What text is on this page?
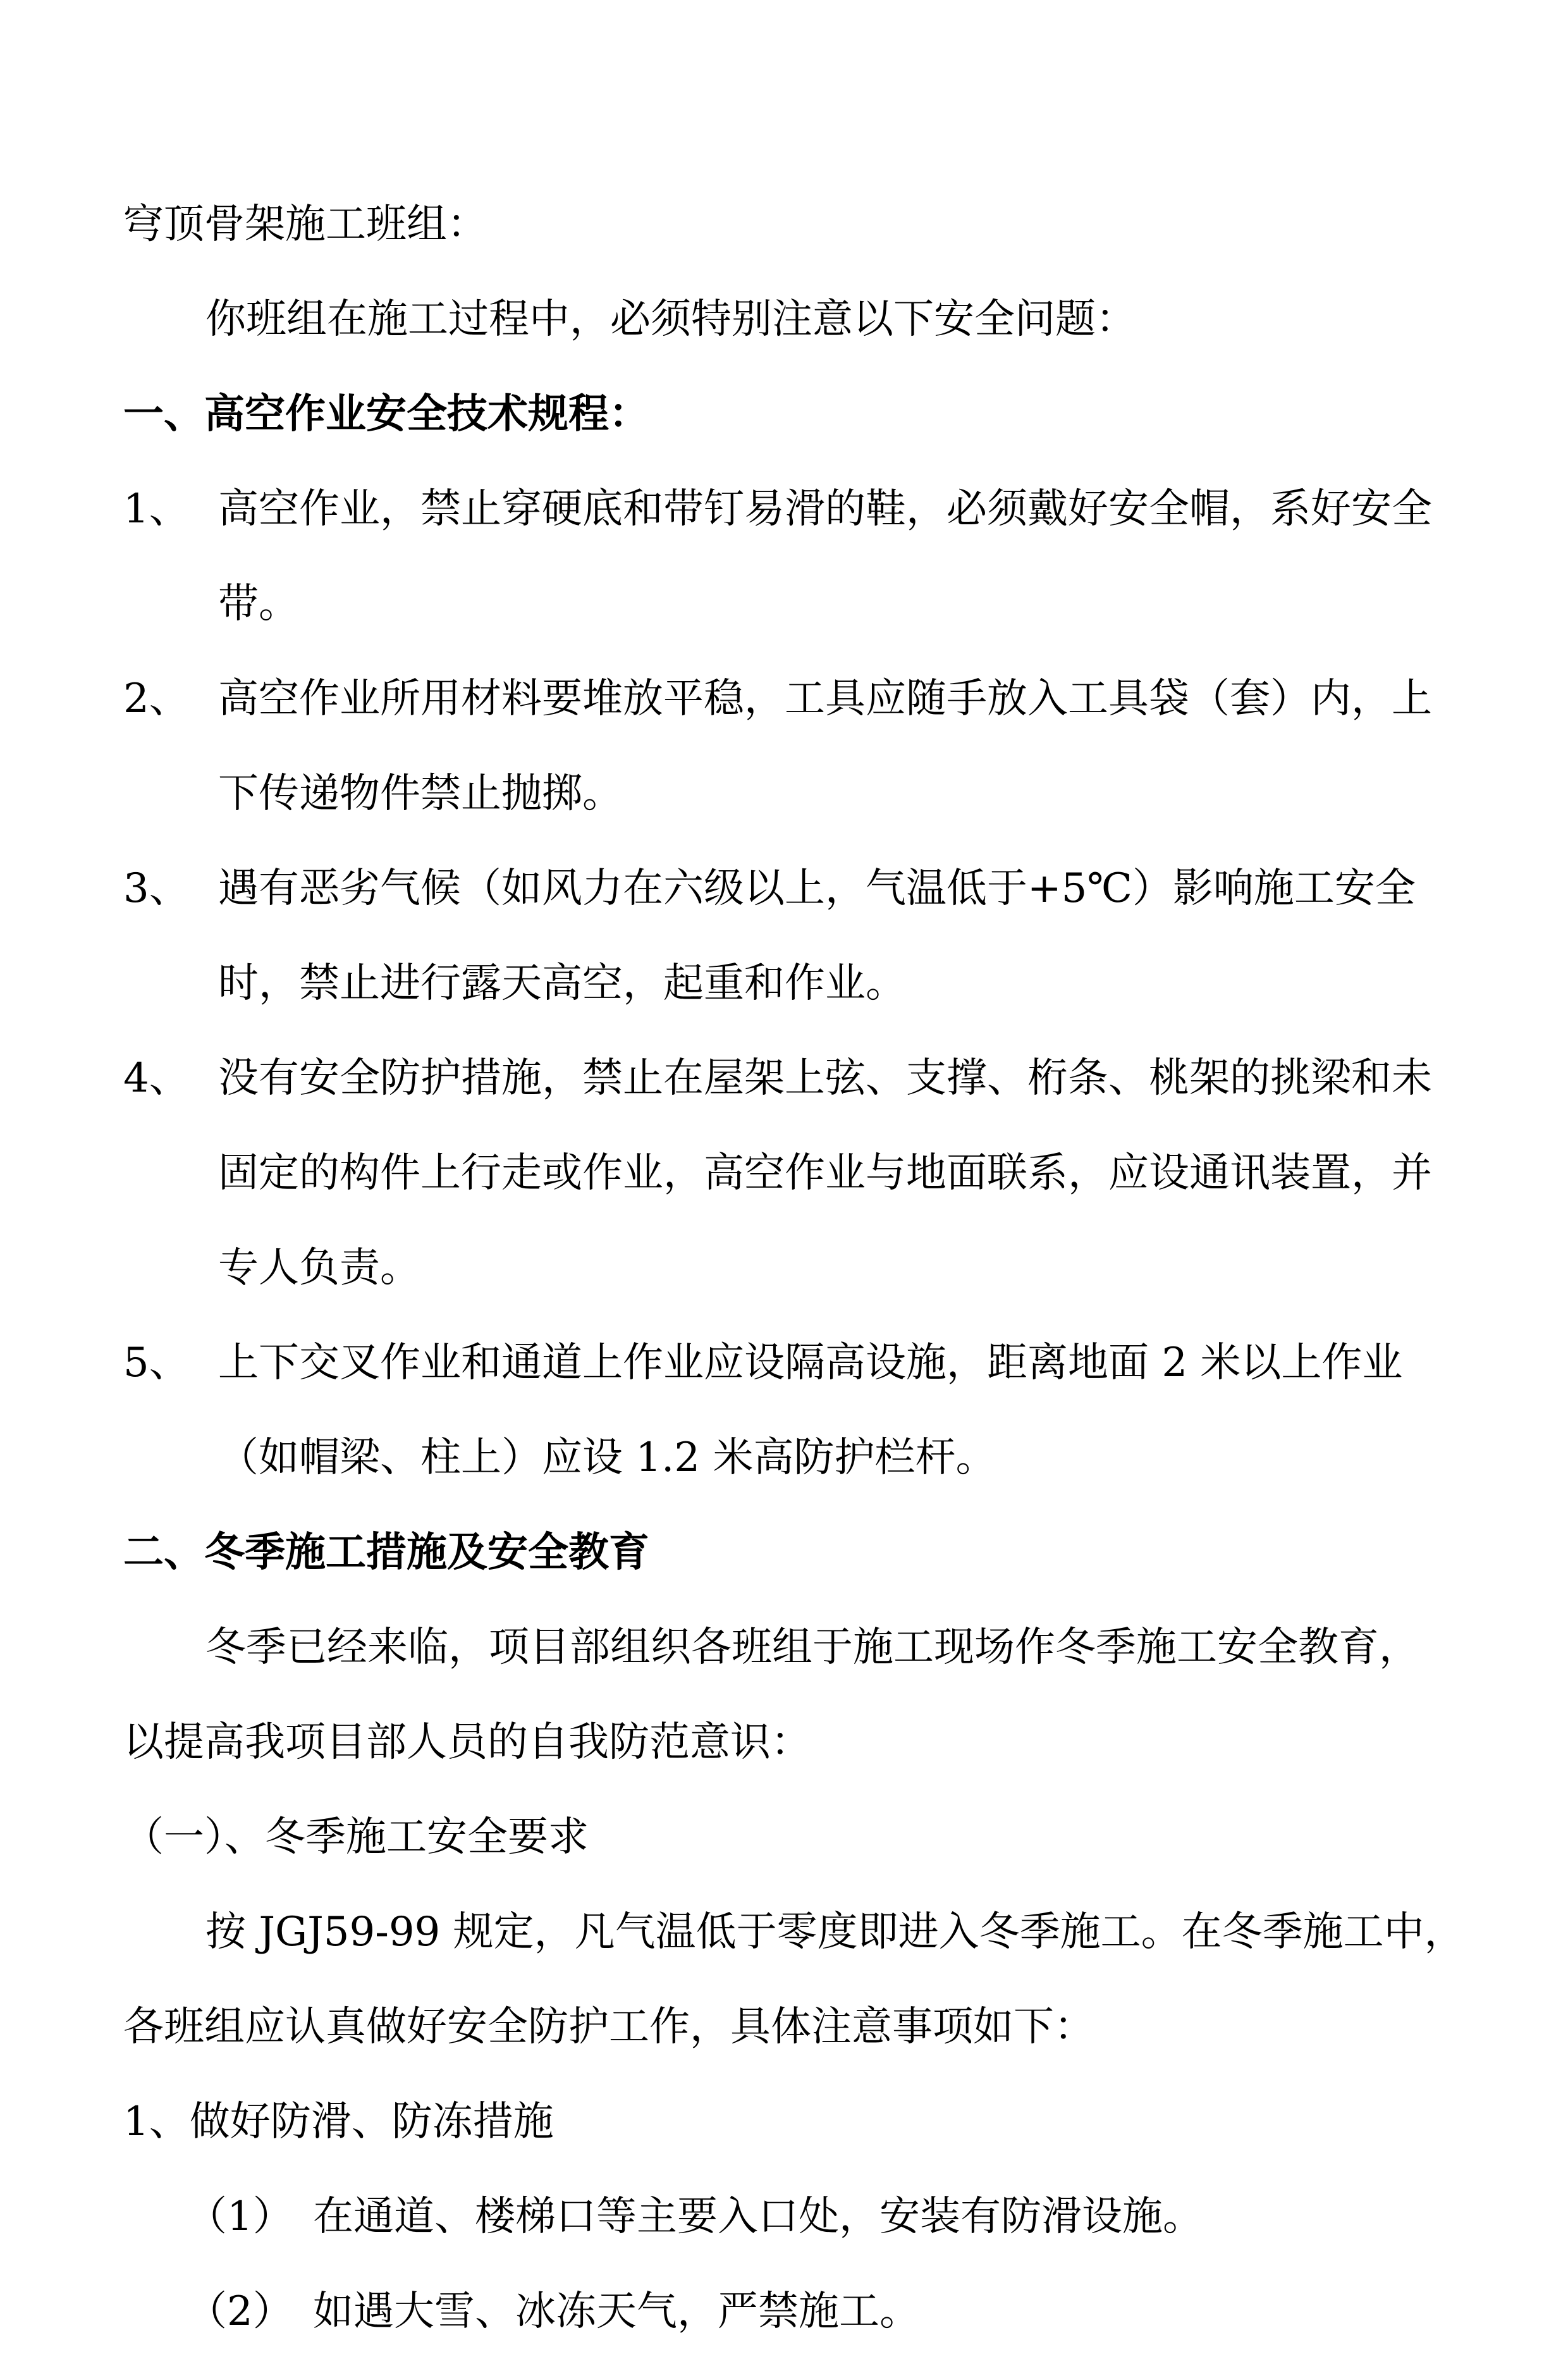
穹顶骨架施工班组：

你班组在施工过程中，必须特别注意以下安全问题：

一、高空作业安全技术规程：

1、 高空作业，禁止穿硬底和带钉易滑的鞋，必须戴好安全帽，系好安全
带。
2、 高空作业所用材料要堆放平稳，工具应随手放入工具袋（套）内，上
下传递物件禁止抛掷。
3、 遇有恶劣气候（如风力在六级以上，气温低于+5℃）影响施工安全
时，禁止进行露天高空，起重和作业。
4、 没有安全防护措施，禁止在屋架上弦、支撑、桁条、桃架的挑梁和未
固定的构件上行走或作业，高空作业与地面联系，应设通讯装置，并
专人负责。
5、 上下交叉作业和通道上作业应设隔高设施，距离地面 2 米以上作业
（如帽梁、柱上）应设 1.2 米高防护栏杆。

二、冬季施工措施及安全教育

冬季已经来临，项目部组织各班组于施工现场作冬季施工安全教育，

以提高我项目部人员的自我防范意识：

（一）、冬季施工安全要求

按 JGJ59-99 规定，凡气温低于零度即进入冬季施工。在冬季施工中，

各班组应认真做好安全防护工作，具体注意事项如下：

1、做好防滑、防冻措施

（1） 在通道、楼梯口等主要入口处，安装有防滑设施。
（2） 如遇大雪、冰冻天气，严禁施工。
